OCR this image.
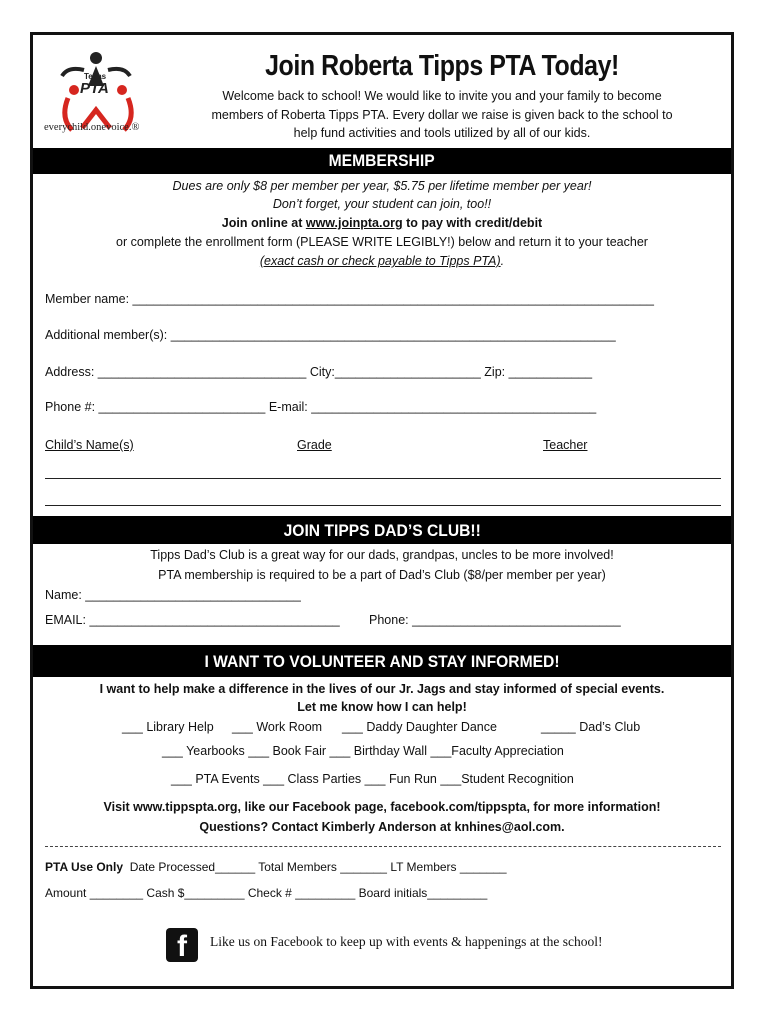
Texas
PTA
everychild.onevoice.®
Join Roberta Tipps PTA Today!
Welcome back to school! We would like to invite you and your family to become
members of Roberta Tipps PTA. Every dollar we raise is given back to the school to
help fund activities and tools utilized by all of our kids.
MEMBERSHIP
Dues are only $8 per member per year, $5.75 per lifetime member per year!
Don’t forget, your student can join, too!!
Join online at www.joinpta.org to pay with credit/debit
or complete the enrollment form (PLEASE WRITE LEGIBLY!) below and return it to your teacher
(exact cash or check payable to Tipps PTA).
Member name: ___________________________________________________________________________
Additional member(s): ________________________________________________________________
Address: ______________________________ City:_____________________ Zip: ____________
Phone #: ________________________ E-mail: _________________________________________
Child’s Name(s)	Grade	Teacher
JOIN TIPPS DAD’S CLUB!!
Tipps Dad’s Club is a great way for our dads, grandpas, uncles to be more involved!
PTA membership is required to be a part of Dad’s Club ($8/per member per year)
Name: _______________________________
EMAIL: ____________________________________ Phone: ______________________________
I WANT TO VOLUNTEER AND STAY INFORMED!
I want to help make a difference in the lives of our Jr. Jags and stay informed of special events.
Let me know how I can help!
___ Library Help ___ Work Room ___ Daddy Daughter Dance	_____ Dad’s Club
___ Yearbooks ___ Book Fair ___ Birthday Wall ___Faculty Appreciation
___ PTA Events ___ Class Parties ___ Fun Run ___Student Recognition
Visit www.tippspta.org, like our Facebook page, facebook.com/tippspta, for more information!
Questions? Contact Kimberly Anderson at knhines@aol.com.
PTA Use Only Date Processed______ Total Members _______ LT Members _______
Amount ________ Cash $_________ Check # _________ Board initials_________
f	Like us on Facebook to keep up with events & happenings at the school!
